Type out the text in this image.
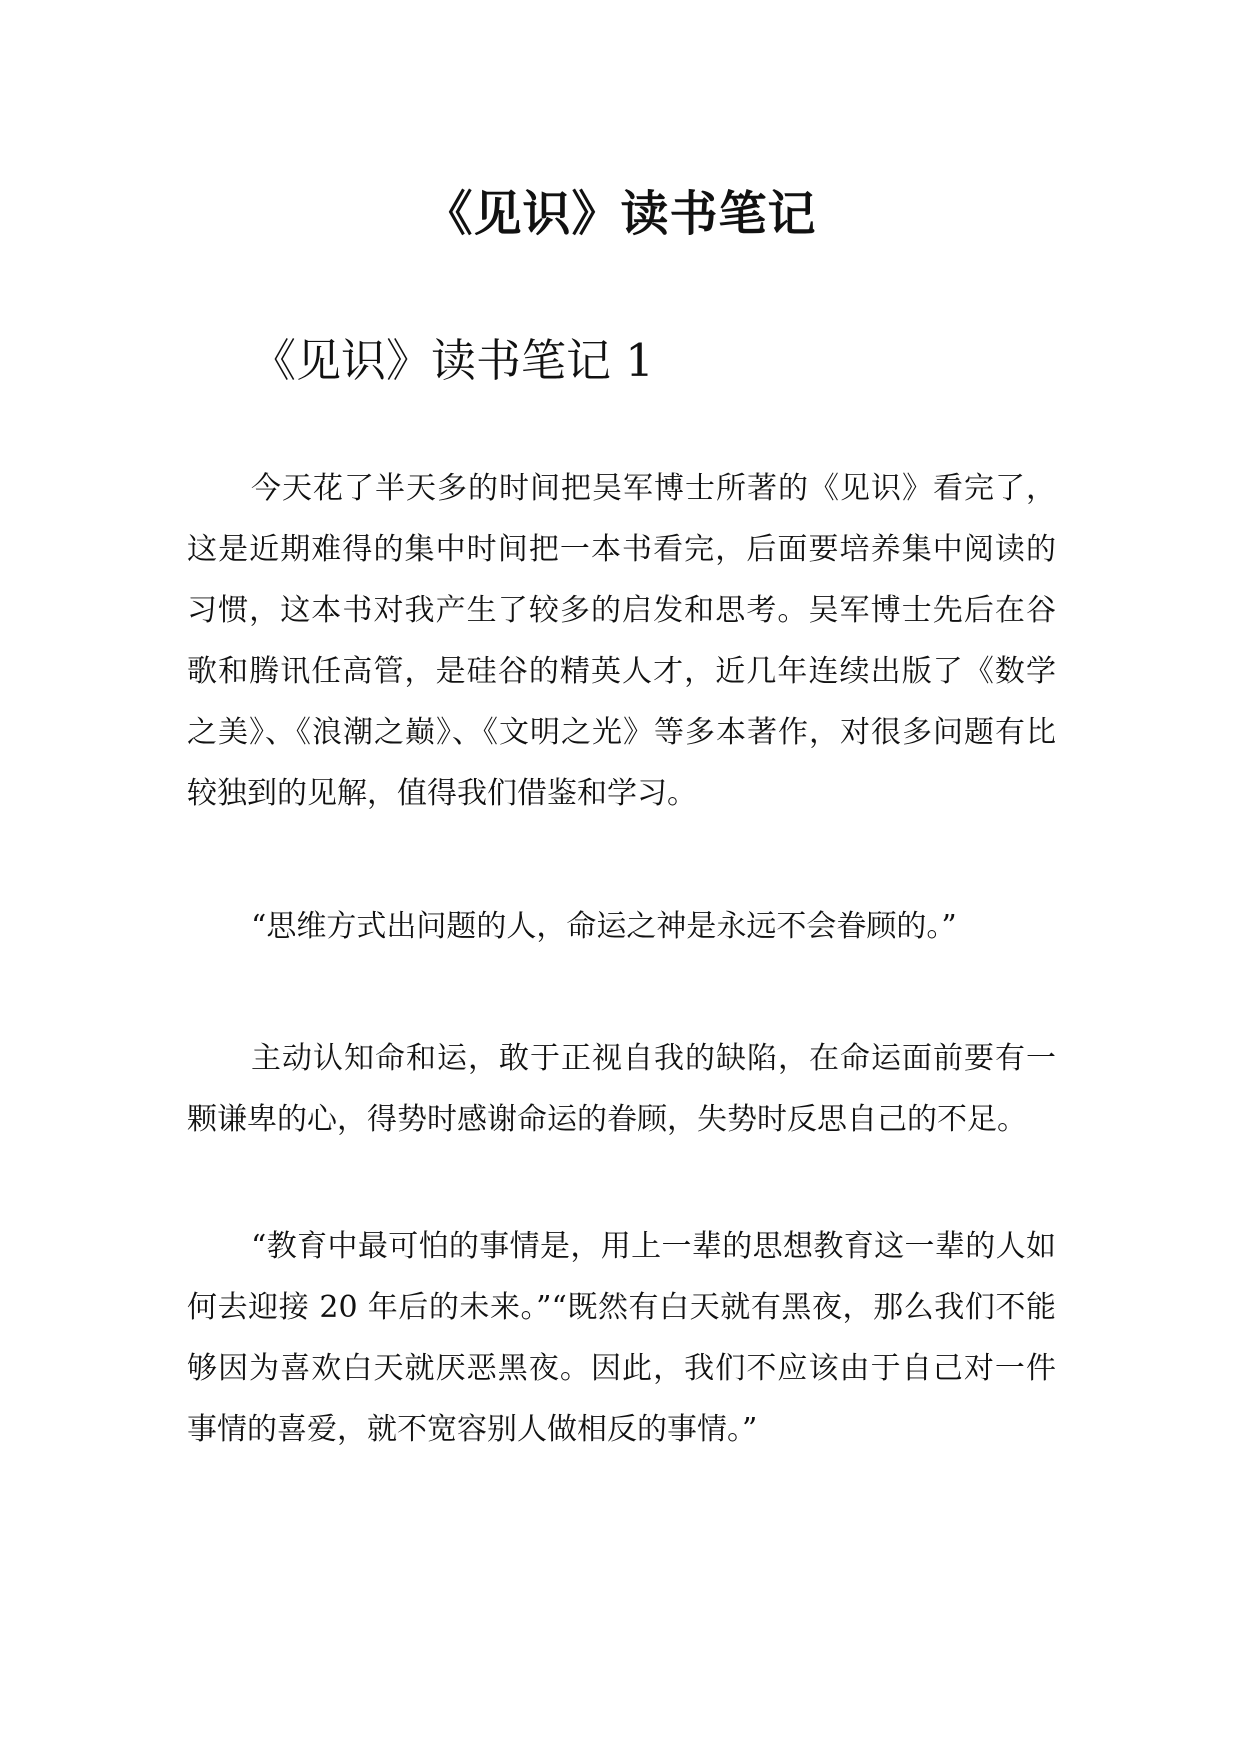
《见识》读书笔记
《见识》读书笔记 1

今天花了半天多的时间把吴军博士所著的《见识》看完了，这是近期难得的集中时间把一本书看完，后面要培养集中阅读的习惯，这本书对我产生了较多的启发和思考。吴军博士先后在谷歌和腾讯任高管，是硅谷的精英人才，近几年连续出版了《数学之美》、《浪潮之巅》、《文明之光》等多本著作，对很多问题有比较独到的见解，值得我们借鉴和学习。

“思维方式出问题的人，命运之神是永远不会眷顾的。”

主动认知命和运，敢于正视自我的缺陷，在命运面前要有一颗谦卑的心，得势时感谢命运的眷顾，失势时反思自己的不足。

“教育中最可怕的事情是，用上一辈的思想教育这一辈的人如何去迎接 20 年后的未来。”“既然有白天就有黑夜，那么我们不能够因为喜欢白天就厌恶黑夜。因此，我们不应该由于自己对一件事情的喜爱，就不宽容别人做相反的事情。”
